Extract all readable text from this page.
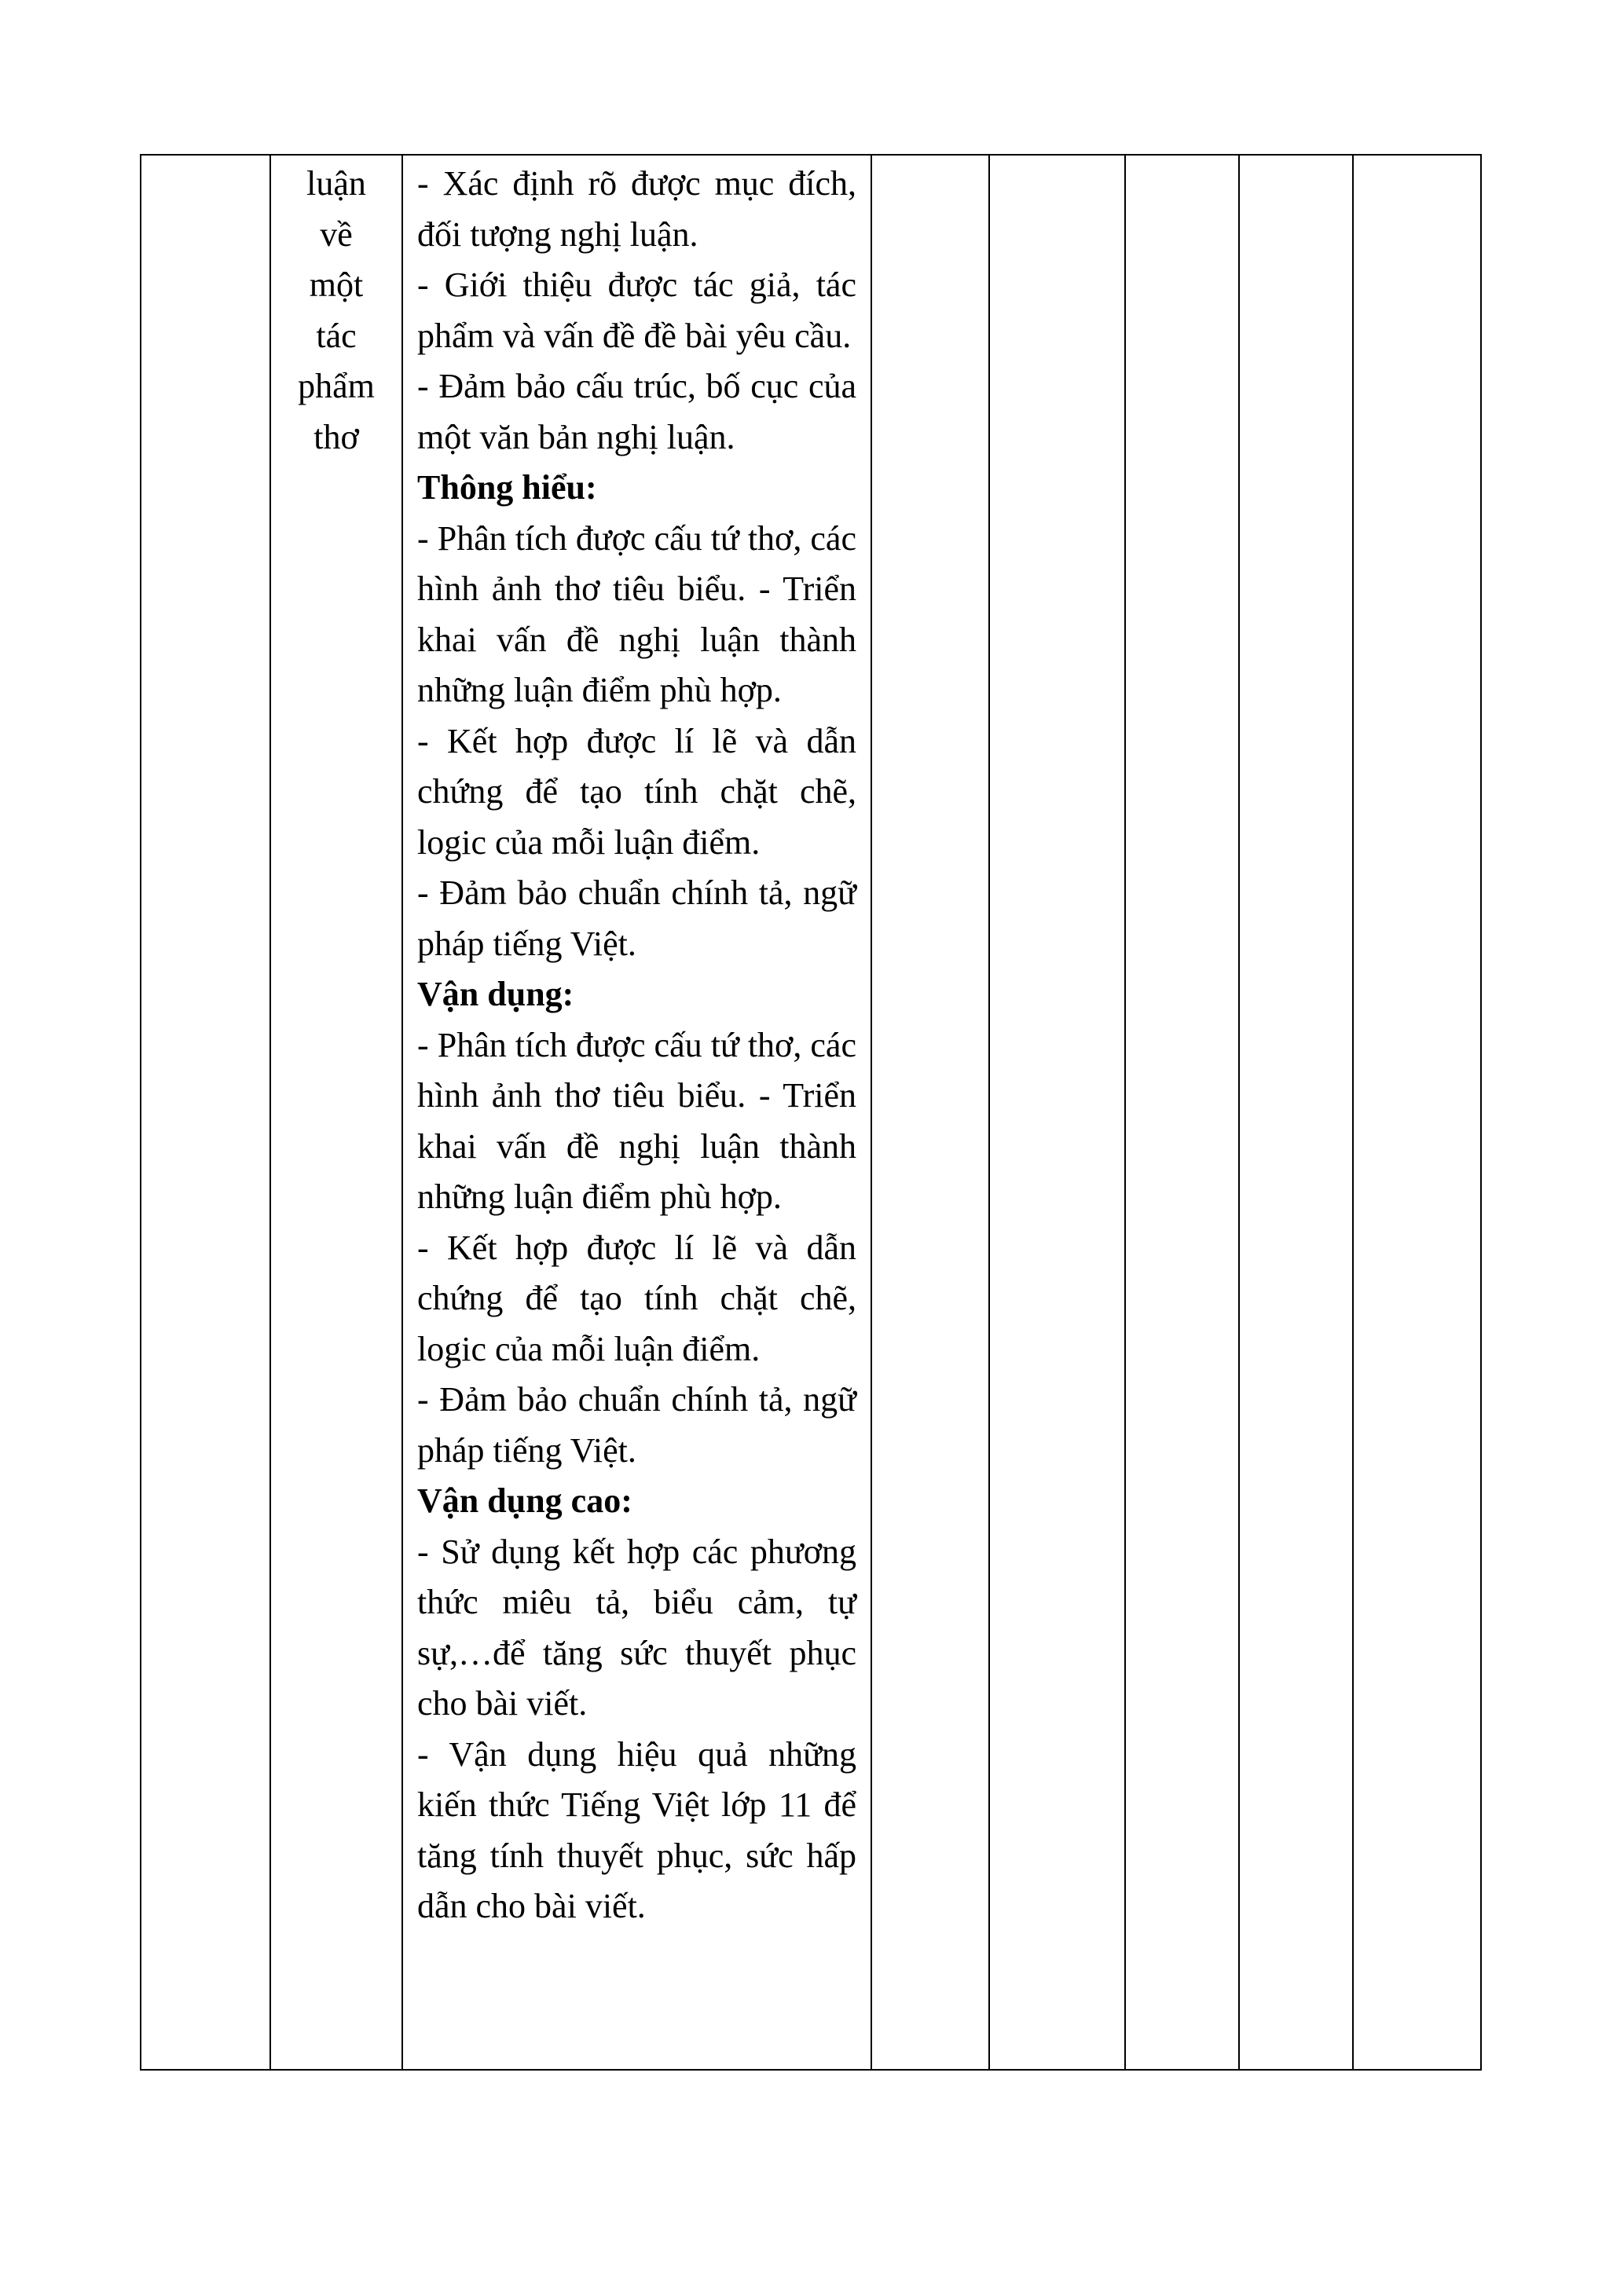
luận
về
một
tác
phẩm
thơ

- Xác định rõ được mục đích, đối tượng nghị luận.

- Giới thiệu được tác giả, tác phẩm và vấn đề đề bài yêu cầu.

- Đảm bảo cấu trúc, bố cục của một văn bản nghị luận.

Thông hiểu:

- Phân tích được cấu tứ thơ, các hình ảnh thơ tiêu biểu. - Triển khai vấn đề nghị luận thành những luận điểm phù hợp.

- Kết hợp được lí lẽ và dẫn chứng để tạo tính chặt chẽ, logic của mỗi luận điểm.

- Đảm bảo chuẩn chính tả, ngữ pháp tiếng Việt.

Vận dụng:

- Phân tích được cấu tứ thơ, các hình ảnh thơ tiêu biểu. - Triển khai vấn đề nghị luận thành những luận điểm phù hợp.

- Kết hợp được lí lẽ và dẫn chứng để tạo tính chặt chẽ, logic của mỗi luận điểm.

- Đảm bảo chuẩn chính tả, ngữ pháp tiếng Việt.

Vận dụng cao:

- Sử dụng kết hợp các phương thức miêu tả, biểu cảm, tự sự,…để tăng sức thuyết phục cho bài viết.

- Vận dụng hiệu quả những kiến thức Tiếng Việt lớp 11 để tăng tính thuyết phục, sức hấp dẫn cho bài viết.
